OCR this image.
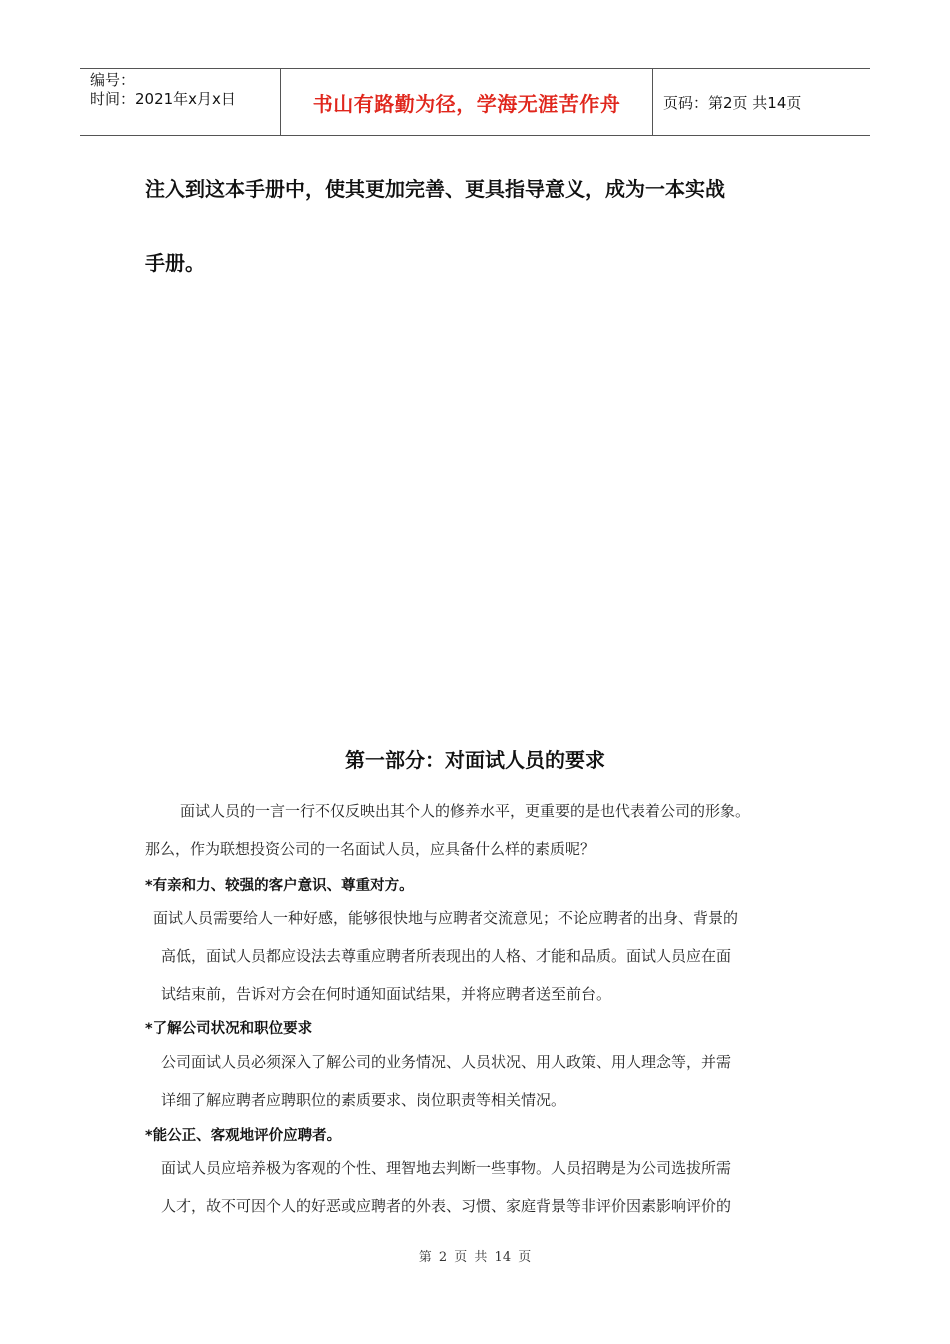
编号：
时间：2021年x月x日	书山有路勤为径，学海无涯苦作舟	页码：第2页 共14页
注入到这本手册中，使其更加完善、更具指导意义，成为一本实战
手册。
第一部分：对面试人员的要求
面试人员的一言一行不仅反映出其个人的修养水平，更重要的是也代表着公司的形象。
那么，作为联想投资公司的一名面试人员，应具备什么样的素质呢？
*有亲和力、较强的客户意识、尊重对方。
面试人员需要给人一种好感，能够很快地与应聘者交流意见；不论应聘者的出身、背景的
高低，面试人员都应设法去尊重应聘者所表现出的人格、才能和品质。面试人员应在面
试结束前，告诉对方会在何时通知面试结果，并将应聘者送至前台。
*了解公司状况和职位要求
公司面试人员必须深入了解公司的业务情况、人员状况、用人政策、用人理念等，并需
详细了解应聘者应聘职位的素质要求、岗位职责等相关情况。
*能公正、客观地评价应聘者。
面试人员应培养极为客观的个性、理智地去判断一些事物。人员招聘是为公司选拔所需
人才，故不可因个人的好恶或应聘者的外表、习惯、家庭背景等非评价因素影响评价的
第 2 页 共 14 页
